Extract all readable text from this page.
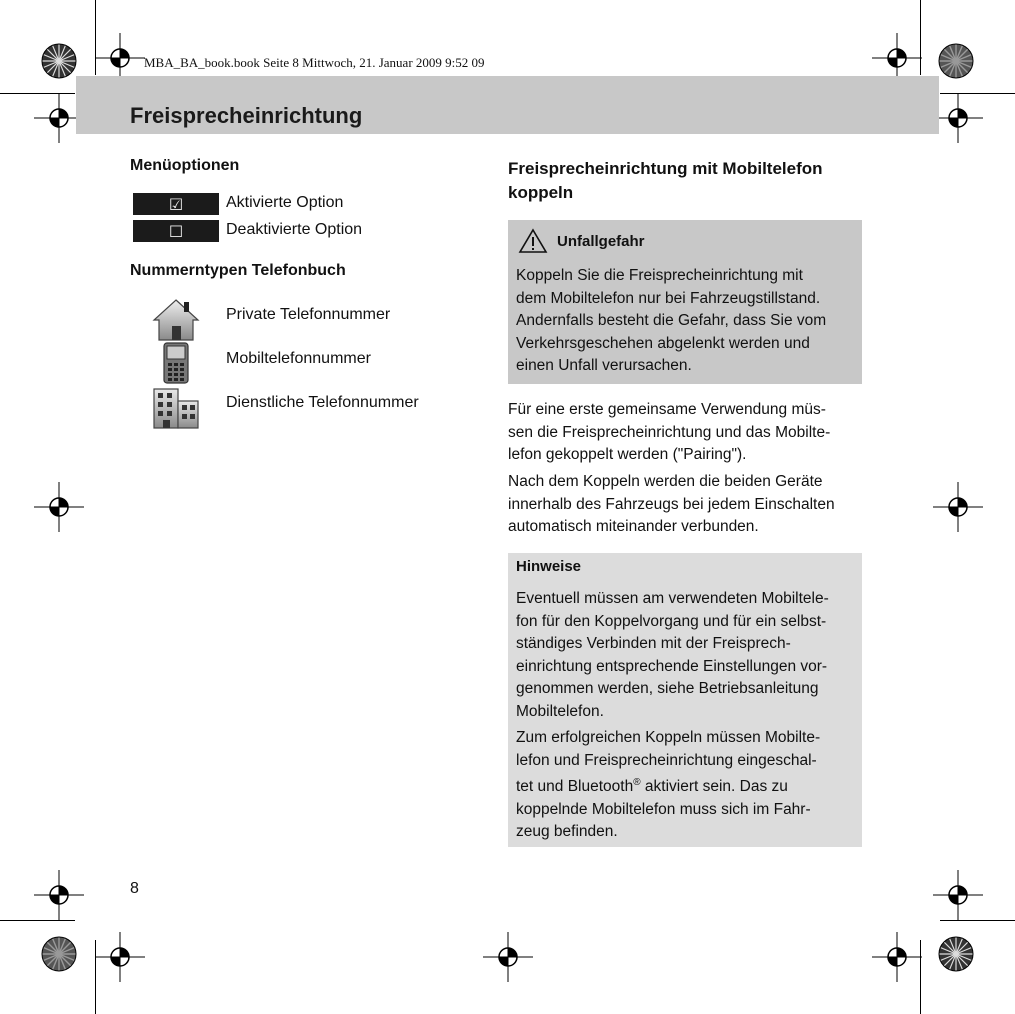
MBA_BA_book.book Seite 8 Mittwoch, 21. Januar 2009 9:52 09
Freisprecheinrichtung
Menüoptionen
☑	Aktivierte Option
☐	Deaktivierte Option
Nummerntypen Telefonbuch
Private Telefonnummer
Mobiltelefonnummer
Dienstliche Telefonnummer
Freisprecheinrichtung mit Mobiltelefon
koppeln
Unfallgefahr
Koppeln Sie die Freisprecheinrichtung mit
dem Mobiltelefon nur bei Fahrzeugstillstand.
Andernfalls besteht die Gefahr, dass Sie vom
Verkehrsgeschehen abgelenkt werden und
einen Unfall verursachen.
Für eine erste gemeinsame Verwendung müs-
sen die Freisprecheinrichtung und das Mobilte-
lefon gekoppelt werden ("Pairing").
Nach dem Koppeln werden die beiden Geräte
innerhalb des Fahrzeugs bei jedem Einschalten
automatisch miteinander verbunden.
Hinweise
Eventuell müssen am verwendeten Mobiltele-
fon für den Koppelvorgang und für ein selbst-
ständiges Verbinden mit der Freisprech-
einrichtung entsprechende Einstellungen vor-
genommen werden, siehe Betriebsanleitung
Mobiltelefon.
Zum erfolgreichen Koppeln müssen Mobilte-
lefon und Freisprecheinrichtung eingeschal-
tet und Bluetooth® aktiviert sein. Das zu
koppelnde Mobiltelefon muss sich im Fahr-
zeug befinden.
8
